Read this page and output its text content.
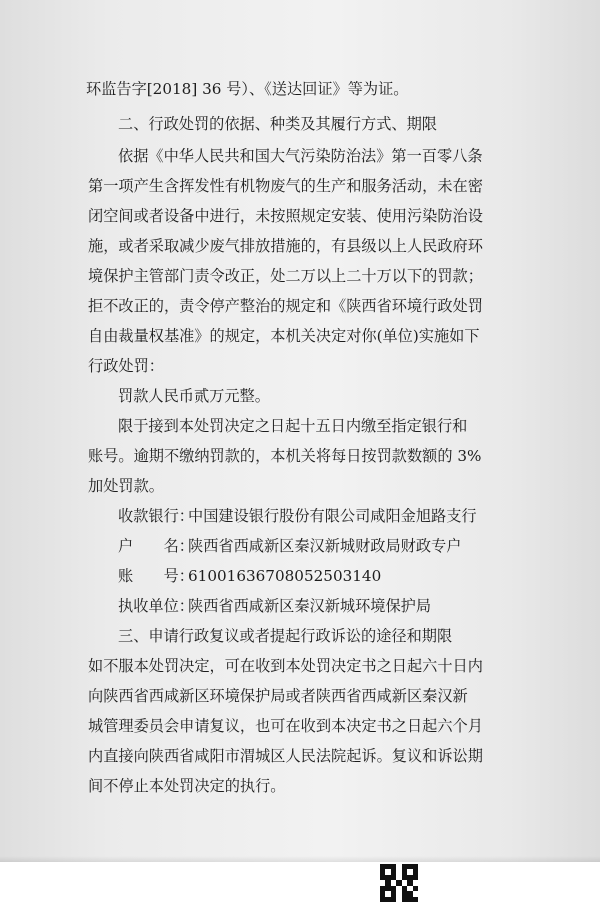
环监告字[2018] 36 号）、《送达回证》等为证。

二、行政处罚的依据、种类及其履行方式、期限

依据《中华人民共和国大气污染防治法》第一百零八条

第一项产生含挥发性有机物废气的生产和服务活动，未在密

闭空间或者设备中进行，未按照规定安装、使用污染防治设

施，或者采取减少废气排放措施的，有县级以上人民政府环

境保护主管部门责令改正，处二万以上二十万以下的罚款；

拒不改正的，责令停产整治的规定和《陕西省环境行政处罚

自由裁量权基准》的规定，本机关决定对你(单位)实施如下

行政处罚：

罚款人民币贰万元整。

限于接到本处罚决定之日起十五日内缴至指定银行和

账号。逾期不缴纳罚款的，本机关将每日按罚款数额的 3%

加处罚款。

收款银行：中国建设银行股份有限公司咸阳金旭路支行

户　　名：陕西省西咸新区秦汉新城财政局财政专户

账　　号：61001636708052503140

执收单位：陕西省西咸新区秦汉新城环境保护局

三、申请行政复议或者提起行政诉讼的途径和期限

如不服本处罚决定，可在收到本处罚决定书之日起六十日内

向陕西省西咸新区环境保护局或者陕西省西咸新区秦汉新

城管理委员会申请复议，也可在收到本决定书之日起六个月

内直接向陕西省咸阳市渭城区人民法院起诉。复议和诉讼期

间不停止本处罚决定的执行。
